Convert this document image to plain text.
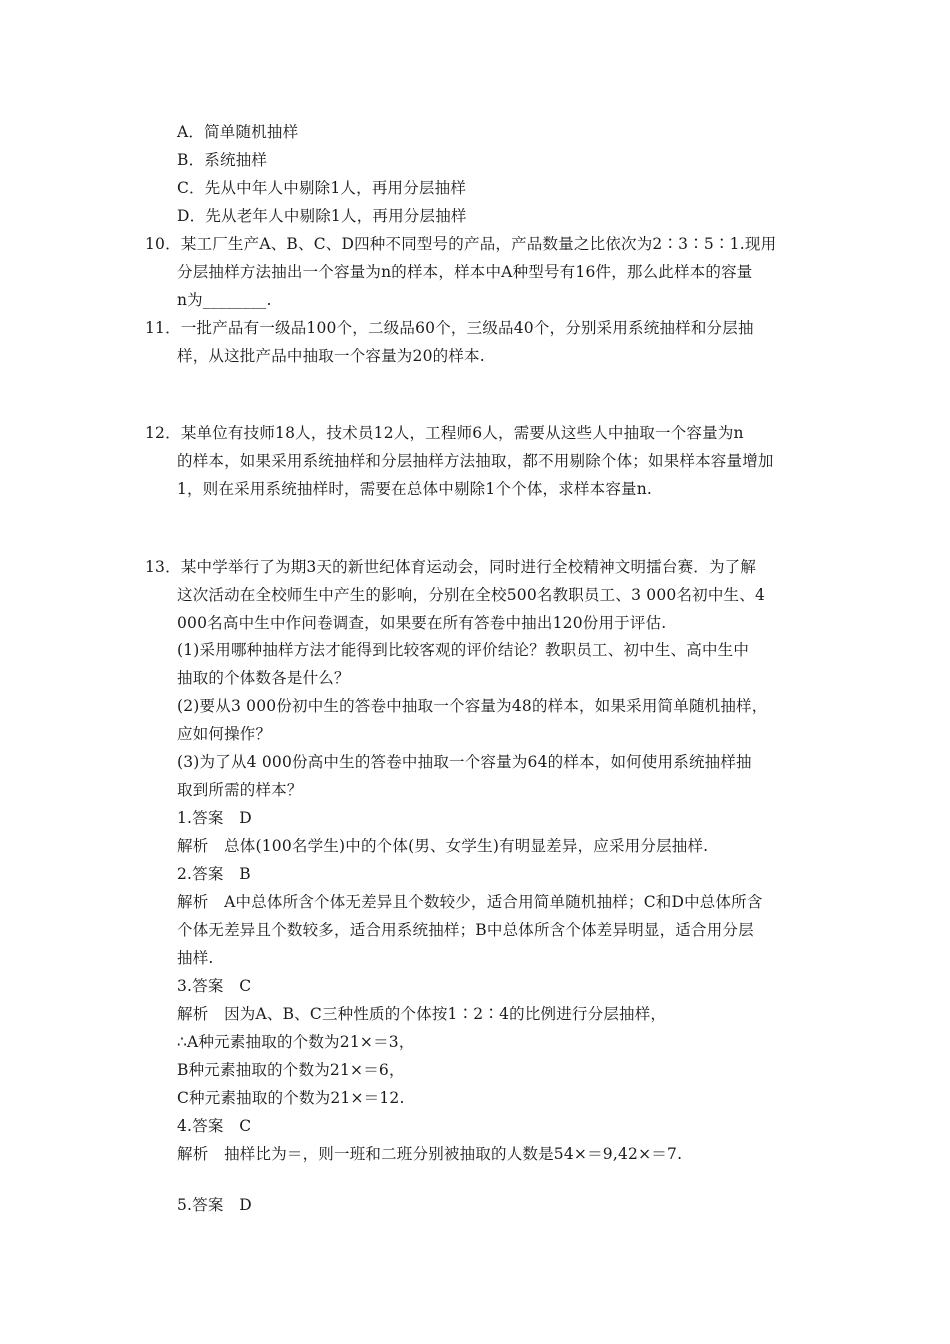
A．简单随机抽样
B．系统抽样
C．先从中年人中剔除1人，再用分层抽样
D．先从老年人中剔除1人，再用分层抽样
10．某工厂生产A、B、C、D四种不同型号的产品，产品数量之比依次为2∶3∶5∶1.现用
分层抽样方法抽出一个容量为n的样本，样本中A种型号有16件，那么此样本的容量
n为________.
11．一批产品有一级品100个，二级品60个，三级品40个，分别采用系统抽样和分层抽
样，从这批产品中抽取一个容量为20的样本.
12．某单位有技师18人，技术员12人，工程师6人，需要从这些人中抽取一个容量为n
的样本，如果采用系统抽样和分层抽样方法抽取，都不用剔除个体；如果样本容量增加
1，则在采用系统抽样时，需要在总体中剔除1个个体，求样本容量n.
13．某中学举行了为期3天的新世纪体育运动会，同时进行全校精神文明擂台赛．为了解
这次活动在全校师生中产生的影响，分别在全校500名教职员工、3 000名初中生、4
000名高中生中作问卷调查，如果要在所有答卷中抽出120份用于评估.
(1)采用哪种抽样方法才能得到比较客观的评价结论？教职员工、初中生、高中生中
抽取的个体数各是什么？
(2)要从3 000份初中生的答卷中抽取一个容量为48的样本，如果采用简单随机抽样，
应如何操作？
(3)为了从4 000份高中生的答卷中抽取一个容量为64的样本，如何使用系统抽样抽
取到所需的样本？
1.答案　D
解析　总体(100名学生)中的个体(男、女学生)有明显差异，应采用分层抽样.
2.答案　B
解析　A中总体所含个体无差异且个数较少，适合用简单随机抽样；C和D中总体所含
个体无差异且个数较多，适合用系统抽样；B中总体所含个体差异明显，适合用分层
抽样.
3.答案　C
解析　因为A、B、C三种性质的个体按1∶2∶4的比例进行分层抽样，
∴A种元素抽取的个数为21×＝3，
B种元素抽取的个数为21×＝6，
C种元素抽取的个数为21×＝12.
4.答案　C
解析　抽样比为＝，则一班和二班分别被抽取的人数是54×＝9,42×＝7.
5.答案　D
